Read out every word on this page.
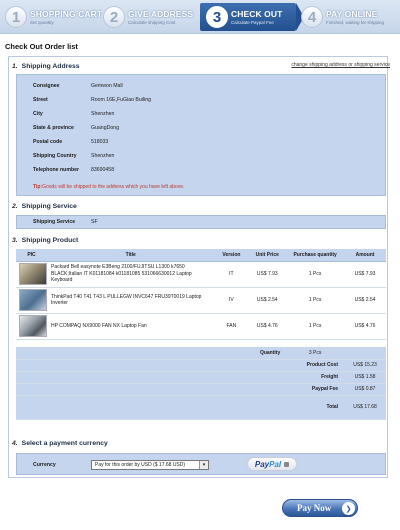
1	SHOPPING CART
Set quantity	2	GIVE ADDRESS
Calculate shipping Cost	3	CHECK OUT
Calculate Paypal Fee	4	PAY ONLINE
Finished, waiting for shipping
Check Out Order list
1. Shipping Address	change shipping address or shipping service
Consignee	Gemwon Mall
Street	Room 16E,FuGiao Builing
City	Shenzhen
State & province	GuangDong
Postal code	518033
Shipping Country	Shenzhen
Telephone number	83690458
Tip:Goods will be shipped to the address which you have left above.
2. Shipping Service
Shipping Service	SF
3. Shipping Product
PIC	Title	Version	Unit Price	Purchase quantity	Amount

	Packard Bell easynote E3Beng 2100/FUJITSU L1300 k7650 BLACK;Italian IT K01181084 k01181085 531066630012 Laptop Keyboard	IT	US$ 7.93	1 Pcs	US$ 7.93

	ThinkPad T40 T41 T43 L PULLEGW INVC647 FRU39T0019 Laptop Inverter	IV	US$ 2.54	1 Pcs	US$ 2.54

	HP COMPAQ NX9000 FAN NX Laptop Fan	FAN	US$ 4.76	1 Pcs	US$ 4.76

Quantity				3 Pcs	
Product Cost					US$ 15.23
Freight					US$ 1.58
Paypal Fee					US$ 0.87
Total					US$ 17.68
4. Select a payment currency
Currency	Pay for this order by USD ($ 17.68 USD)	▾	Pay Pal
Pay Now	❯
